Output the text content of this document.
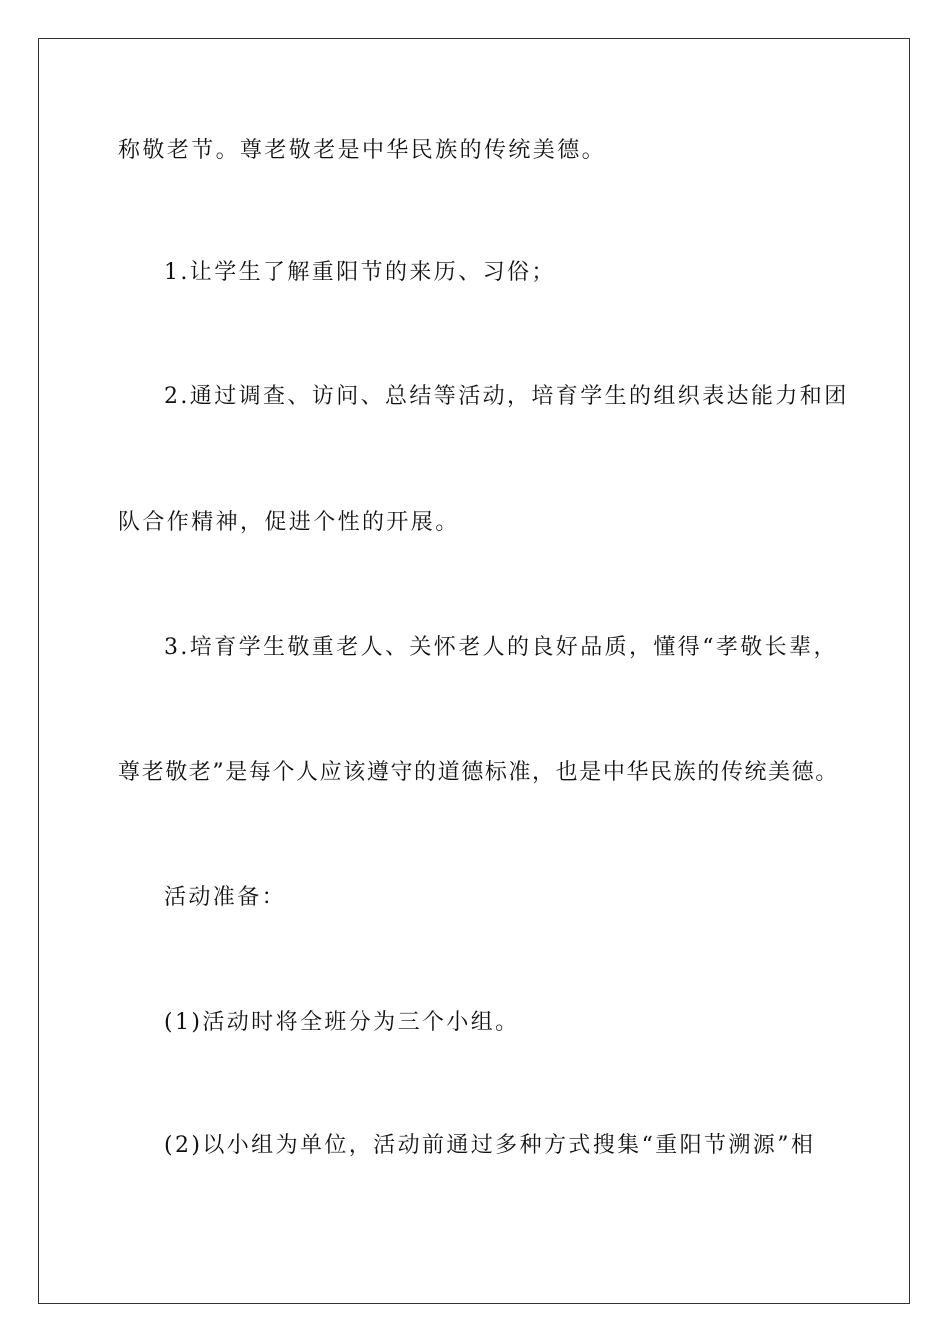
称敬老节。尊老敬老是中华民族的传统美德。
1.让学生了解重阳节的来历、习俗；
2.通过调查、访问、总结等活动，培育学生的组织表达能力和团
队合作精神，促进个性的开展。
3.培育学生敬重老人、关怀老人的良好品质，懂得“孝敬长辈，
尊老敬老”是每个人应该遵守的道德标准，也是中华民族的传统美德。
活动准备：
(1)活动时将全班分为三个小组。
(2)以小组为单位，活动前通过多种方式搜集“重阳节溯源”相
